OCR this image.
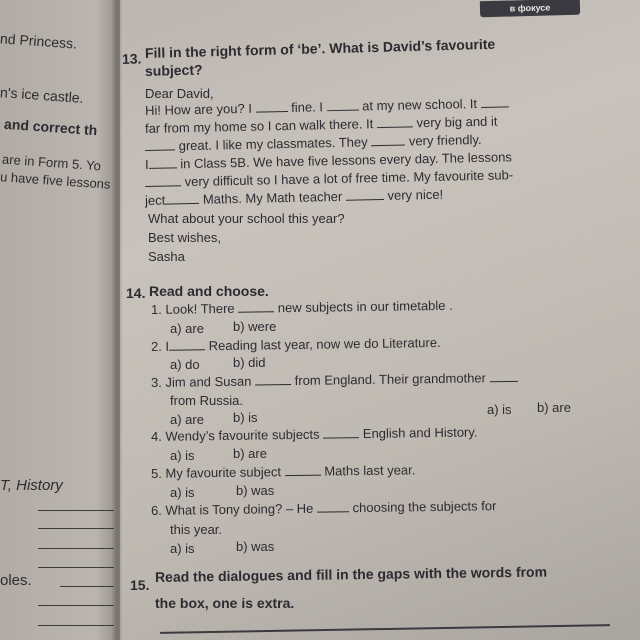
nd Princess.
n's ice castle.
and correct th
are in Form 5. Yo
u have five lessons
T, History
oles.
в фокусе
13. Fill in the right form of ‘be’. What is David’s favourite
subject?
Dear David,
Hi! How are you? I	fine. I	at my new school. It
far from my home so I can walk there. It	very big and it
great. I like my classmates. They	very friendly.
I in Class 5B. We have five lessons every day. The lessons
very difficult so I have a lot of free time. My favourite sub-
ject	Maths. My Math teacher	very nice!
What about your school this year?
Best wishes,
Sasha
14. Read and choose.
1. Look! There	new subjects in our timetable .
a) are b) were
2. I	Reading last year, now we do Literature.
a) do	b) did
3. Jim and Susan	from England. Their grandmother
from Russia.
a) are b) is
a) is b) are
4. Wendy’s favourite subjects	English and History.
a) is	b) are
5. My favourite subject	Maths last year.
a) is	b) was
6. What is Tony doing? – He	choosing the subjects for
this year.
a) is	b) was
15.
Read the dialogues and fill in the gaps with the words from
the box, one is extra.
